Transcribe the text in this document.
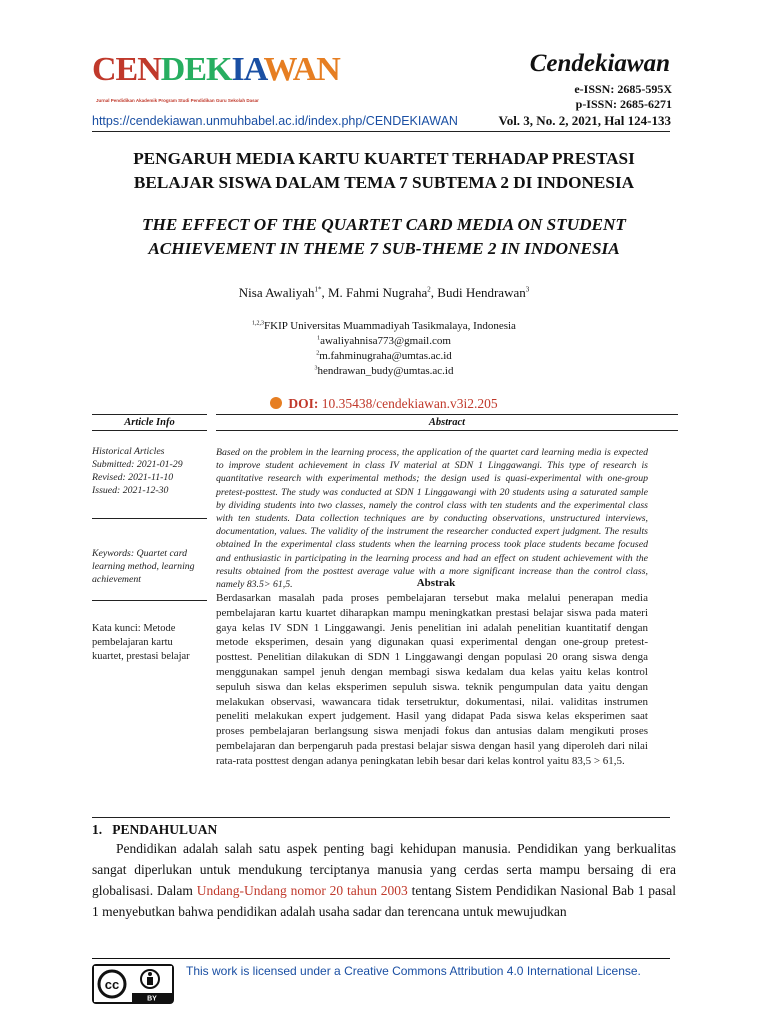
CENDEKIAWAN
Jurnal Pendidikan Akademik Program Studi Pendidikan Guru Sekolah Dasar
Cendekiawan
e-ISSN: 2685-595X
p-ISSN: 2685-6271
https://cendekiawan.unmuhbabel.ac.id/index.php/CENDEKIAWAN	Vol. 3, No. 2, 2021, Hal 124-133
PENGARUH MEDIA KARTU KUARTET TERHADAP PRESTASI
BELAJAR SISWA DALAM TEMA 7 SUBTEMA 2 DI INDONESIA
THE EFFECT OF THE QUARTET CARD MEDIA ON STUDENT
ACHIEVEMENT IN THEME 7 SUB-THEME 2 IN INDONESIA
Nisa Awaliyah$^{1*}$, M. Fahmi Nugraha$^2$, Budi Hendrawan$^3$
$^{1,2,3}$FKIP Universitas Muammadiyah Tasikmalaya, Indonesia
$^1$awaliyahnisa773@gmail.com
$^2$m.fahminugraha@umtas.ac.id
$^3$hendrawan_budy@umtas.ac.id
DOI: 10.35438/cendekiawan.v3i2.205
Article Info	Abstract
Historical Articles
Submitted: 2021-01-29
Revised: 2021-11-10
Issued: 2021-12-30
Keywords: Quartet card
learning method, learning
achievement
Kata kunci: Metode
pembelajaran kartu
kuartet, prestasi belajar
Based on the problem in the learning process, the application of the quartet card learning media is expected to improve student achievement in class IV material at SDN 1 Linggawangi. This type of research is quantitative research with experimental methods; the design used is quasi-experimental with one-group pretest-posttest. The study was conducted at SDN 1 Linggawangi with 20 students using a saturated sample by dividing students into two classes, namely the control class with ten students and the experimental class with ten students. Data collection techniques are by conducting observations, unstructured interviews, documentation, values. The validity of the instrument the researcher conducted expert judgment. The results obtained In the experimental class students when the learning process took place students became focused and enthusiastic in participating in the learning process and had an effect on student achievement with the results obtained from the posttest average value with a more significant increase than the control class, namely 83.5> 61,5.	Abstrak
Berdasarkan masalah pada proses pembelajaran tersebut maka melalui penerapan media pembelajaran kartu kuartet diharapkan mampu meningkatkan prestasi belajar siswa pada materi gaya kelas IV SDN 1 Linggawangi. Jenis penelitian ini adalah penelitian kuantitatif dengan metode eksperimen, desain yang digunakan quasi experimental dengan one-group pretest-posttest. Penelitian dilakukan di SDN 1 Linggawangi dengan populasi 20 orang siswa denga menggunakan sampel jenuh dengan membagi siswa kedalam dua kelas yaitu kelas kontrol sepuluh siswa dan kelas eksperimen sepuluh siswa. teknik pengumpulan data yaitu dengan melakukan observasi, wawancara tidak tersetruktur, dokumentasi, nilai. validitas instrumen peneliti melakukan expert judgement. Hasil yang didapat Pada siswa kelas eksperimen saat proses pembelajaran berlangsung siswa menjadi fokus dan antusias dalam mengikuti proses pembelajaran dan berpengaruh pada prestasi belajar siswa dengan hasil yang diperoleh dari nilai rata-rata posttest dengan adanya peningkatan lebih besar dari kelas kontrol yaitu 83,5 > 61,5.
1. PENDAHULUAN

Pendidikan adalah salah satu aspek penting bagi kehidupan manusia. Pendidikan yang berkualitas sangat diperlukan untuk mendukung terciptanya manusia yang cerdas serta mampu bersaing di era globalisasi. Dalam Undang-Undang nomor 20 tahun 2003 tentang Sistem Pendidikan Nasional Bab 1 pasal 1 menyebutkan bahwa pendidikan adalah usaha sadar dan terencana untuk mewujudkan

cc
BY
This work is licensed under a Creative Commons Attribution 4.0 International License.
